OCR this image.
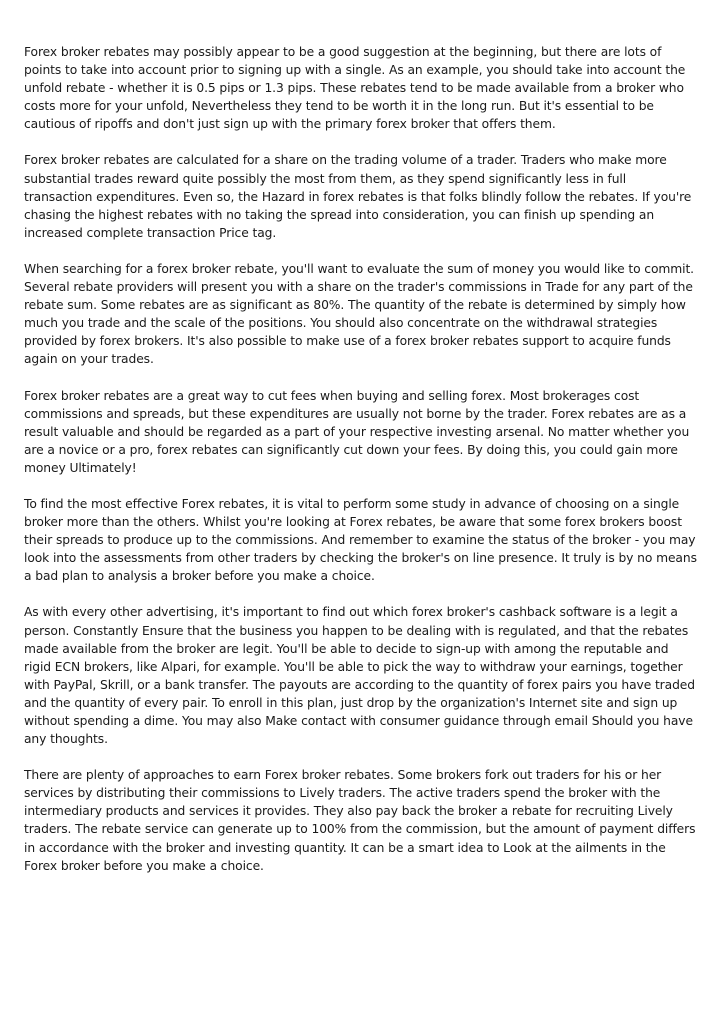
Forex broker rebates may possibly appear to be a good suggestion at the beginning, but there are lots of points to take into account prior to signing up with a single. As an example, you should take into account the unfold rebate - whether it is 0.5 pips or 1.3 pips. These rebates tend to be made available from a broker who costs more for your unfold, Nevertheless they tend to be worth it in the long run. But it's essential to be cautious of ripoffs and don't just sign up with the primary forex broker that offers them.

Forex broker rebates are calculated for a share on the trading volume of a trader. Traders who make more substantial trades reward quite possibly the most from them, as they spend significantly less in full transaction expenditures. Even so, the Hazard in forex rebates is that folks blindly follow the rebates. If you're chasing the highest rebates with no taking the spread into consideration, you can finish up spending an increased complete transaction Price tag.

When searching for a forex broker rebate, you'll want to evaluate the sum of money you would like to commit. Several rebate providers will present you with a share on the trader's commissions in Trade for any part of the rebate sum. Some rebates are as significant as 80%. The quantity of the rebate is determined by simply how much you trade and the scale of the positions. You should also concentrate on the withdrawal strategies provided by forex brokers. It's also possible to make use of a forex broker rebates support to acquire funds again on your trades.

Forex broker rebates are a great way to cut fees when buying and selling forex. Most brokerages cost commissions and spreads, but these expenditures are usually not borne by the trader. Forex rebates are as a result valuable and should be regarded as a part of your respective investing arsenal. No matter whether you are a novice or a pro, forex rebates can significantly cut down your fees. By doing this, you could gain more money Ultimately!

To find the most effective Forex rebates, it is vital to perform some study in advance of choosing on a single broker more than the others. Whilst you're looking at Forex rebates, be aware that some forex brokers boost their spreads to produce up to the commissions. And remember to examine the status of the broker - you may look into the assessments from other traders by checking the broker's on line presence. It truly is by no means a bad plan to analysis a broker before you make a choice.

As with every other advertising, it's important to find out which forex broker's cashback software is a legit a person. Constantly Ensure that the business you happen to be dealing with is regulated, and that the rebates made available from the broker are legit. You'll be able to decide to sign-up with among the reputable and rigid ECN brokers, like Alpari, for example. You'll be able to pick the way to withdraw your earnings, together with PayPal, Skrill, or a bank transfer. The payouts are according to the quantity of forex pairs you have traded and the quantity of every pair. To enroll in this plan, just drop by the organization's Internet site and sign up without spending a dime. You may also Make contact with consumer guidance through email Should you have any thoughts.

There are plenty of approaches to earn Forex broker rebates. Some brokers fork out traders for his or her services by distributing their commissions to Lively traders. The active traders spend the broker with the intermediary products and services it provides. They also pay back the broker a rebate for recruiting Lively traders. The rebate service can generate up to 100% from the commission, but the amount of payment differs in accordance with the broker and investing quantity. It can be a smart idea to Look at the ailments in the Forex broker before you make a choice.
